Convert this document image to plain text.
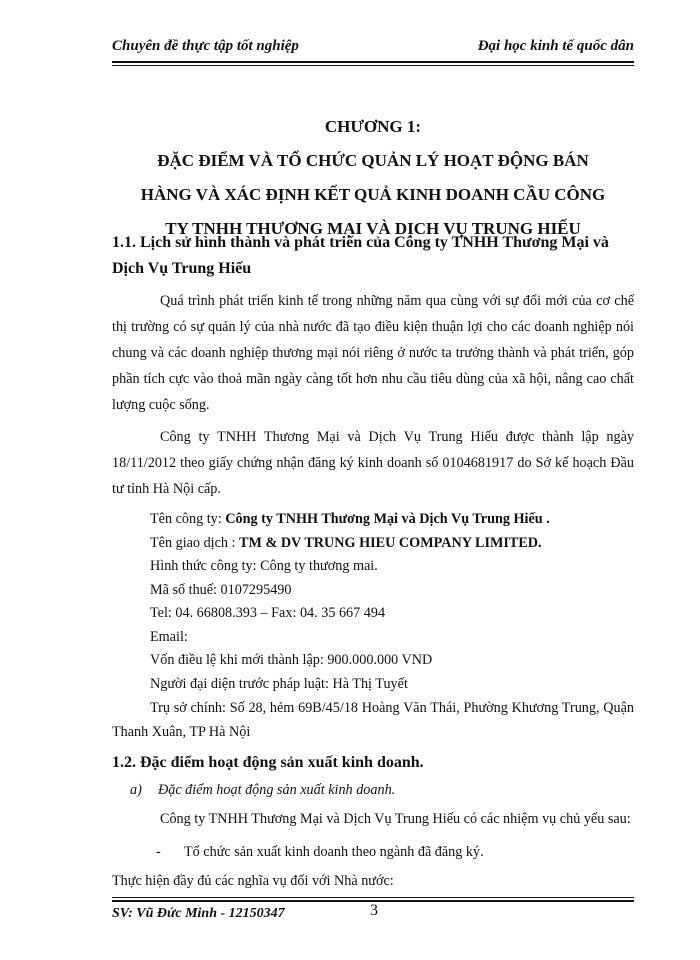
Chuyên đề thực tập tốt nghiệp	Đại học kinh tế quốc dân
CHƯƠNG 1:
ĐẶC ĐIỂM VÀ TỔ CHỨC QUẢN LÝ HOẠT ĐỘNG BÁN
HÀNG VÀ XÁC ĐỊNH KẾT QUẢ KINH DOANH CẦU CÔNG
TY TNHH THƯƠNG MẠI VÀ DỊCH VỤ TRUNG HIẾU
1.1. Lịch sử hình thành và phát triển của Công ty TNHH Thương Mại và Dịch Vụ Trung Hiếu
Quá trình phát triển kinh tế trong những năm qua cùng với sự đổi mới của cơ chế thị trường có sự quản lý của nhà nước đã tạo điều kiện thuận lợi cho các doanh nghiệp nói chung và các doanh nghiệp thương mại nói riêng ở nước ta trưởng thành và phát triển, góp phần tích cực vào thoả mãn ngày càng tốt hơn nhu cầu tiêu dùng của xã hội, nâng cao chất lượng cuộc sống.
Công ty TNHH Thương Mại và Dịch Vụ Trung Hiếu được thành lập ngày 18/11/2012 theo giấy chứng nhận đăng ký kinh doanh số 0104681917 do Sở kế hoạch Đầu tư tỉnh Hà Nội cấp.
Tên công ty: Công ty TNHH Thương Mại và Dịch Vụ Trung Hiếu .
Tên giao dịch : TM & DV TRUNG HIEU COMPANY LIMITED.
Hình thức công ty: Công ty thương mai.
Mã số thuế: 0107295490
Tel: 04. 66808.393 – Fax: 04. 35 667 494
Email:
Vốn điều lệ khi mới thành lập: 900.000.000 VND
Người đại diện trước pháp luật: Hà Thị Tuyết
Trụ sở chính: Số 28, hẻm 69B/45/18 Hoàng Văn Thái, Phường Khương Trung, Quận Thanh Xuân, TP Hà Nội
1.2. Đặc điểm hoạt động sản xuất kinh doanh.
a) Đặc điểm hoạt động sản xuất kinh doanh.
Công ty TNHH Thương Mại và Dịch Vụ Trung Hiếu có các nhiệm vụ chủ yếu sau:
- Tổ chức sản xuất kinh doanh theo ngành đã đăng ký.
Thực hiện đầy đủ các nghĩa vụ đối với Nhà nước:
SV: Vũ Đức Minh - 12150347	3
